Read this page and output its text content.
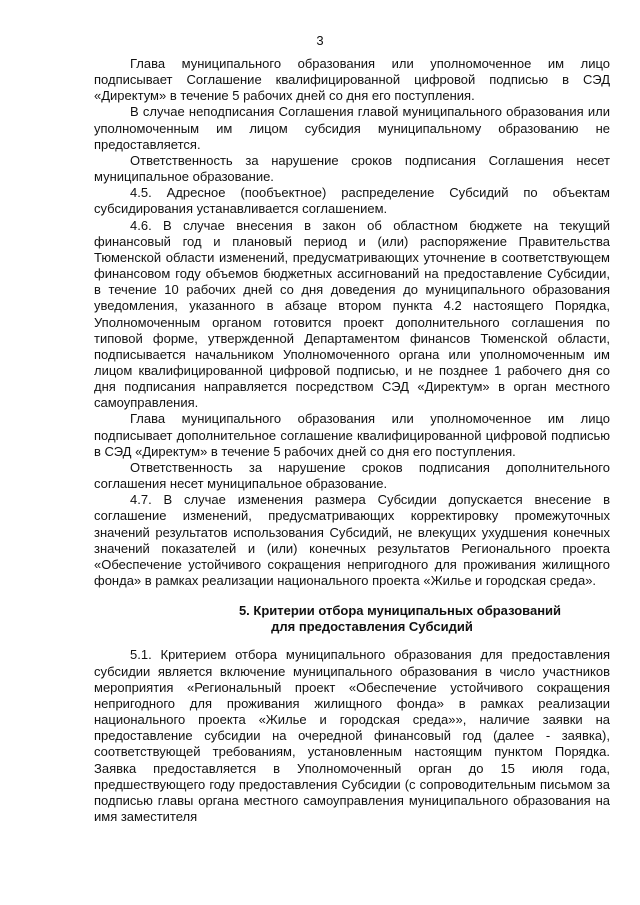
3

Глава муниципального образования или уполномоченное им лицо подписывает Соглашение квалифицированной цифровой подписью в СЭД «Директум» в течение 5 рабочих дней со дня его поступления.

В случае неподписания Соглашения главой муниципального образования или уполномоченным им лицом субсидия муниципальному образованию не предоставляется.

Ответственность за нарушение сроков подписания Соглашения несет муниципальное образование.

4.5. Адресное (пообъектное) распределение Субсидий по объектам субсидирования устанавливается соглашением.

4.6. В случае внесения в закон об областном бюджете на текущий финансовый год и плановый период и (или) распоряжение Правительства Тюменской области изменений, предусматривающих уточнение в соответствующем финансовом году объемов бюджетных ассигнований на предоставление Субсидии, в течение 10 рабочих дней со дня доведения до муниципального образования уведомления, указанного в абзаце втором пункта 4.2 настоящего Порядка, Уполномоченным органом готовится проект дополнительного соглашения по типовой форме, утвержденной Департаментом финансов Тюменской области, подписывается начальником Уполномоченного органа или уполномоченным им лицом квалифицированной цифровой подписью, и не позднее 1 рабочего дня со дня подписания направляется посредством СЭД «Директум» в орган местного самоуправления.

Глава муниципального образования или уполномоченное им лицо подписывает дополнительное соглашение квалифицированной цифровой подписью в СЭД «Директум» в течение 5 рабочих дней со дня его поступления.

Ответственность за нарушение сроков подписания дополнительного соглашения несет муниципальное образование.

4.7. В случае изменения размера Субсидии допускается внесение в соглашение изменений, предусматривающих корректировку промежуточных значений результатов использования Субсидий, не влекущих ухудшения конечных значений показателей и (или) конечных результатов Регионального проекта «Обеспечение устойчивого сокращения непригодного для проживания жилищного фонда» в рамках реализации национального проекта «Жилье и городская среда».

5. Критерии отбора муниципальных образований
для предоставления Субсидий

5.1. Критерием отбора муниципального образования для предоставления субсидии является включение муниципального образования в число участников мероприятия «Региональный проект «Обеспечение устойчивого сокращения непригодного для проживания жилищного фонда» в рамках реализации национального проекта «Жилье и городская среда»», наличие заявки на предоставление субсидии на очередной финансовый год (далее - заявка), соответствующей требованиям, установленным настоящим пунктом Порядка. Заявка предоставляется в Уполномоченный орган до 15 июля года, предшествующего году предоставления Субсидии (с сопроводительным письмом за подписью главы органа местного самоуправления муниципального образования на имя заместителя
